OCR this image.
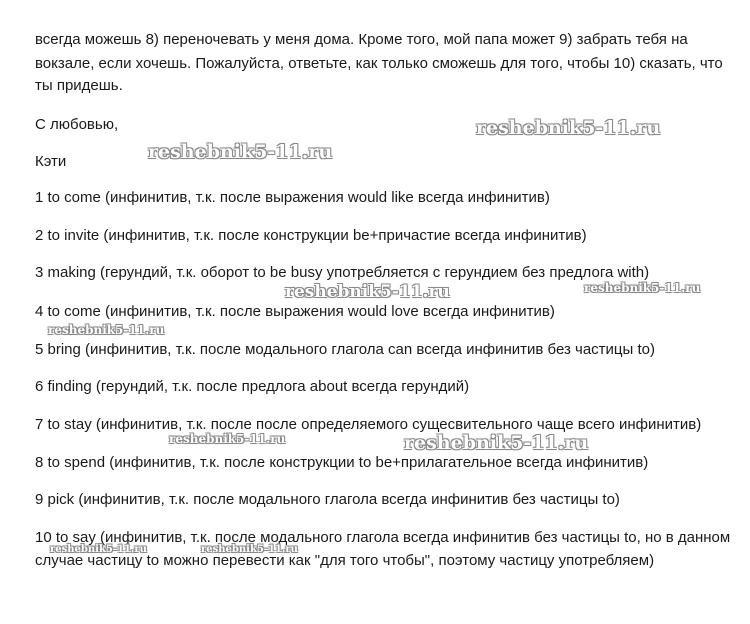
всегда можешь 8) переночевать у меня дома. Кроме того, мой папа может 9) забрать тебя на
вокзале, если хочешь. Пожалуйста, ответьте, как только сможешь для того, чтобы 10) сказать, что
ты придешь.
С любовью,
Кэти
1 to come (инфинитив, т.к. после выражения would like всегда инфинитив)
2 to invite (инфинитив, т.к. после конструкции be+причастие всегда инфинитив)
3 making (герундий, т.к. оборот to be busy употребляется с герундием без предлога with)
4 to come (инфинитив, т.к. после выражения would love всегда инфинитив)
5 bring (инфинитив, т.к. после модального глагола can всегда инфинитив без частицы to)
6 finding (герундий, т.к. после предлога about всегда герундий)
7 to stay (инфинитив, т.к. после после определяемого сущесвительного чаще всего инфинитив)
8 to spend (инфинитив, т.к. после конструкции to be+прилагательное всегда инфинитив)
9 pick (инфинитив, т.к. после модального глагола всегда инфинитив без частицы to)
10 to say (инфинитив, т.к. после модального глагола всегда инфинитив без частицы to, но в данном
случае частицу to можно перевести как "для того чтобы", поэтому частицу употребляем)
reshebnik5-11.ru
reshebnik5-11.ru
reshebnik5-11.ru	reshebnik5-11.ru
reshebnik5-11.ru
reshebnik5-11.ru	reshebnik5-11.ru
reshebnik5-11.ru	reshebnik5-11.ru
